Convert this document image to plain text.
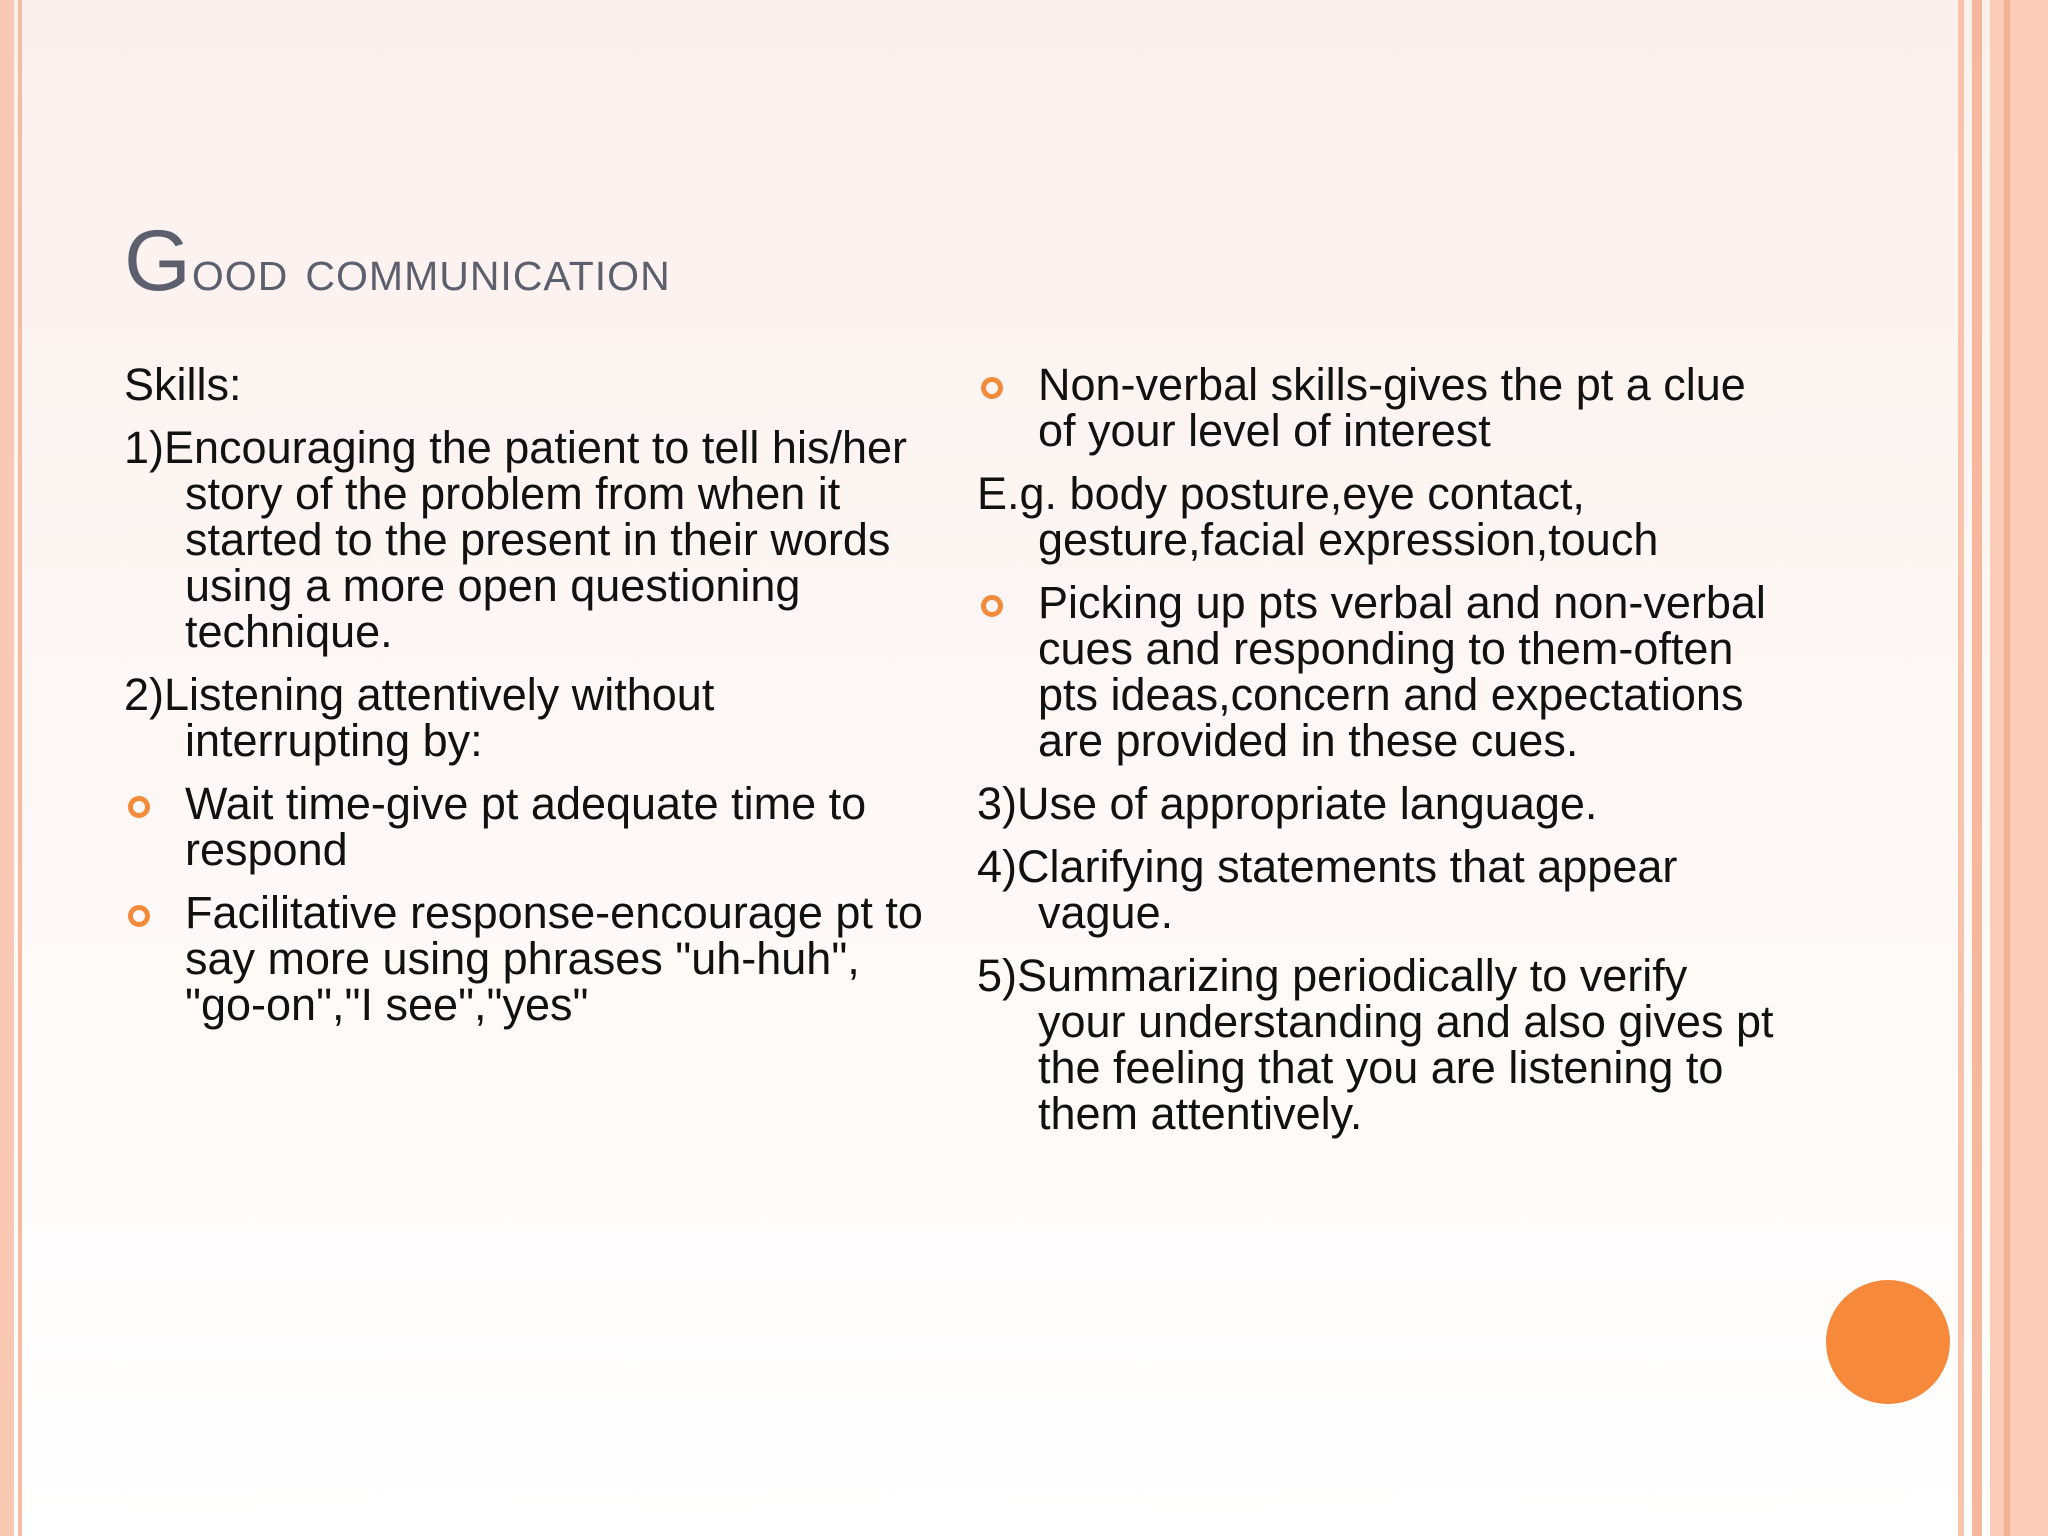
Good communication

Skills:

1)Encouraging the patient to tell his/her story of the problem from when it started to the present in their words using a more open questioning technique.

2)Listening attentively without interrupting by:

Wait time-give pt adequate time to respond
Facilitative response-encourage pt to say more using phrases "uh-huh", "go-on","I see","yes"
Non-verbal skills-gives the pt a clue of your level of interest

E.g. body posture,eye contact, gesture,facial expression,touch

Picking up pts verbal and non-verbal cues and responding to them-often pts ideas,concern and expectations are provided in these cues.

3)Use of appropriate language.

4)Clarifying statements that appear vague.

5)Summarizing periodically to verify your understanding and also gives pt the feeling that you are listening to them attentively.
